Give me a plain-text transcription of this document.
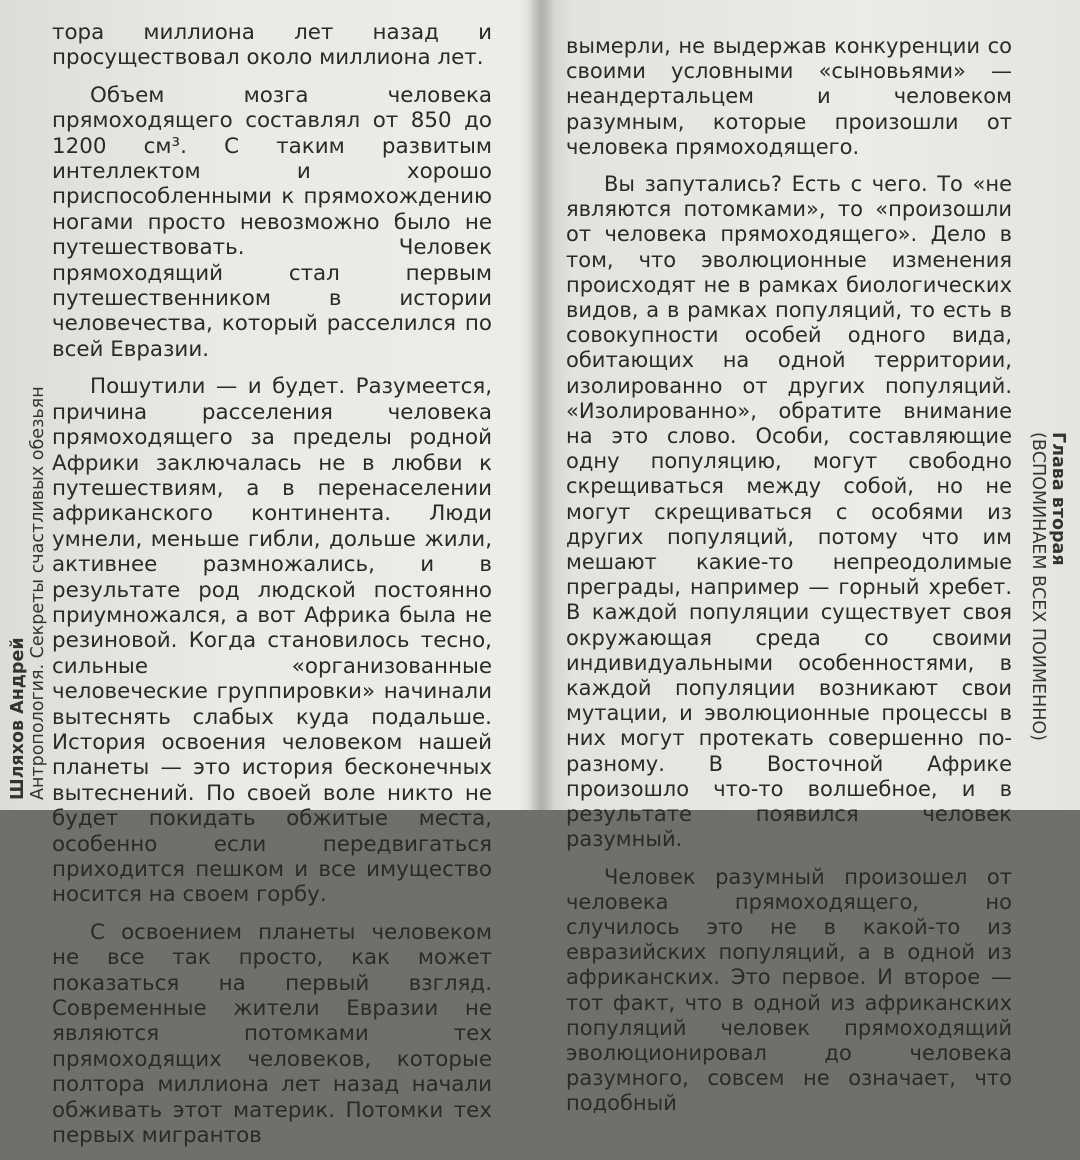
тора миллиона лет назад и просуществовал около миллиона лет.

Объем мозга человека прямоходящего составлял от 850 до 1200 см³. С таким развитым интеллектом и хорошо приспособленными к прямохождению ногами просто невозможно было не путешествовать. Человек прямоходящий стал первым путешественником в истории человечества, который расселился по всей Евразии.

Пошутили — и будет. Разумеется, причина расселения человека прямоходящего за пределы родной Африки заключалась не в любви к путешествиям, а в перенаселении африканского континента. Люди умнели, меньше гибли, дольше жили, активнее размножались, и в результате род людской постоянно приумножался, а вот Африка была не резиновой. Когда становилось тесно, сильные «организованные человеческие группировки» начинали вытеснять слабых куда подальше. История освоения человеком нашей планеты — это история бесконечных вытеснений. По своей воле никто не будет покидать обжитые места, особенно если передвигаться приходится пешком и все имущество носится на своем горбу.

С освоением планеты человеком не все так просто, как может показаться на первый взгляд. Современные жители Евразии не являются потомками тех прямоходящих человеков, которые полтора миллиона лет назад начали обживать этот материк. Потомки тех первых мигрантов

Шляхов Андрей Антропология. Секреты счастливых обезьян

вымерли, не выдержав конкуренции со своими условными «сыновьями» — неандертальцем и человеком разумным, которые произошли от человека прямоходящего.

Вы запутались? Есть с чего. То «не являются потомками», то «произошли от человека прямоходящего». Дело в том, что эволюционные изменения происходят не в рамках биологических видов, а в рамках популяций, то есть в совокупности особей одного вида, обитающих на одной территории, изолированно от других популяций. «Изолированно», обратите внимание на это слово. Особи, составляющие одну популяцию, могут свободно скрещиваться между собой, но не могут скрещиваться с особями из других популяций, потому что им мешают какие-то непреодолимые преграды, например — горный хребет. В каждой популяции существует своя окружающая среда со своими индивидуальными особенностями, в каждой популяции возникают свои мутации, и эволюционные процессы в них могут протекать совершенно по-разному. В Восточной Африке произошло что-то волшебное, и в результате появился человек разумный.

Человек разумный произошел от человека прямоходящего, но случилось это не в какой-то из евразийских популяций, а в одной из африканских. Это первое. И второе — тот факт, что в одной из африканских популяций человек прямоходящий эволюционировал до человека разумного, совсем не означает, что подобный

Глава вторая
(ВСПОМИНАЕМ ВСЕХ ПОИМЕННО)
